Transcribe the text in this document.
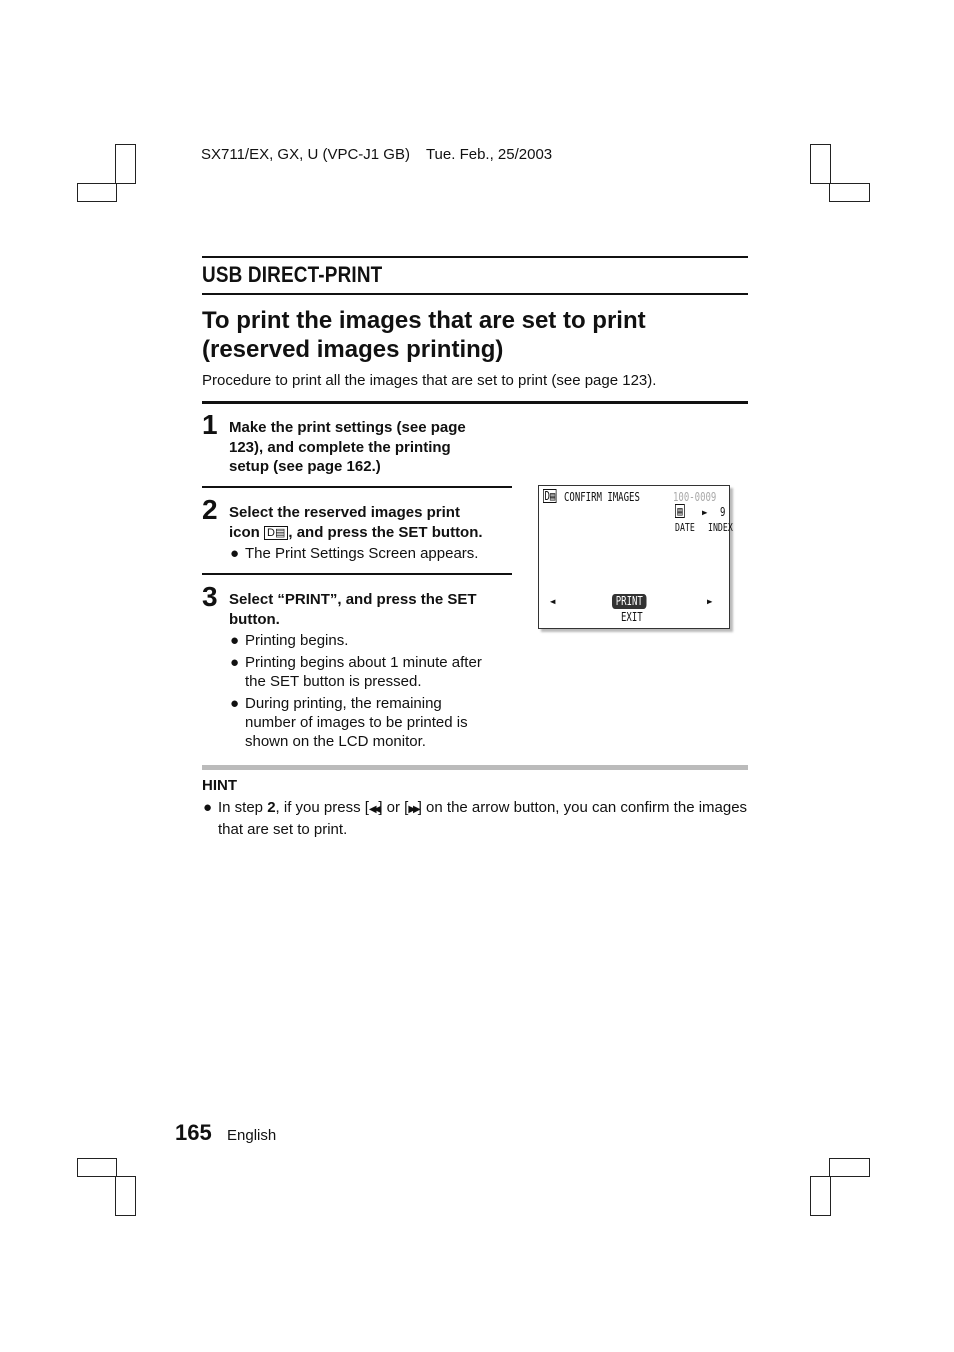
SX711/EX, GX, U (VPC-J1 GB) Tue. Feb., 25/2003
USB DIRECT-PRINT
To print the images that are set to print
(reserved images printing)
Procedure to print all the images that are set to print (see page 123).
1 Make the print settings (see page
123), and complete the printing
setup (see page 162.)
2 Select the reserved images print
icon D▤ , and press the SET button.
● The Print Settings Screen appears.
3 Select “PRINT”, and press the SET
button.
● Printing begins.
● Printing begins about 1 minute after the SET button is pressed.
● During printing, the remaining number of images to be printed is shown on the LCD monitor.
D▤ CONFIRM IMAGES	100-0009
▤ ► 9
DATE INDEX
◄	PRINT	►
EXIT
HINT
● In step 2, if you press [◀◀] or [▶▶] on the arrow button, you can confirm the images that are set to print.
165 English
